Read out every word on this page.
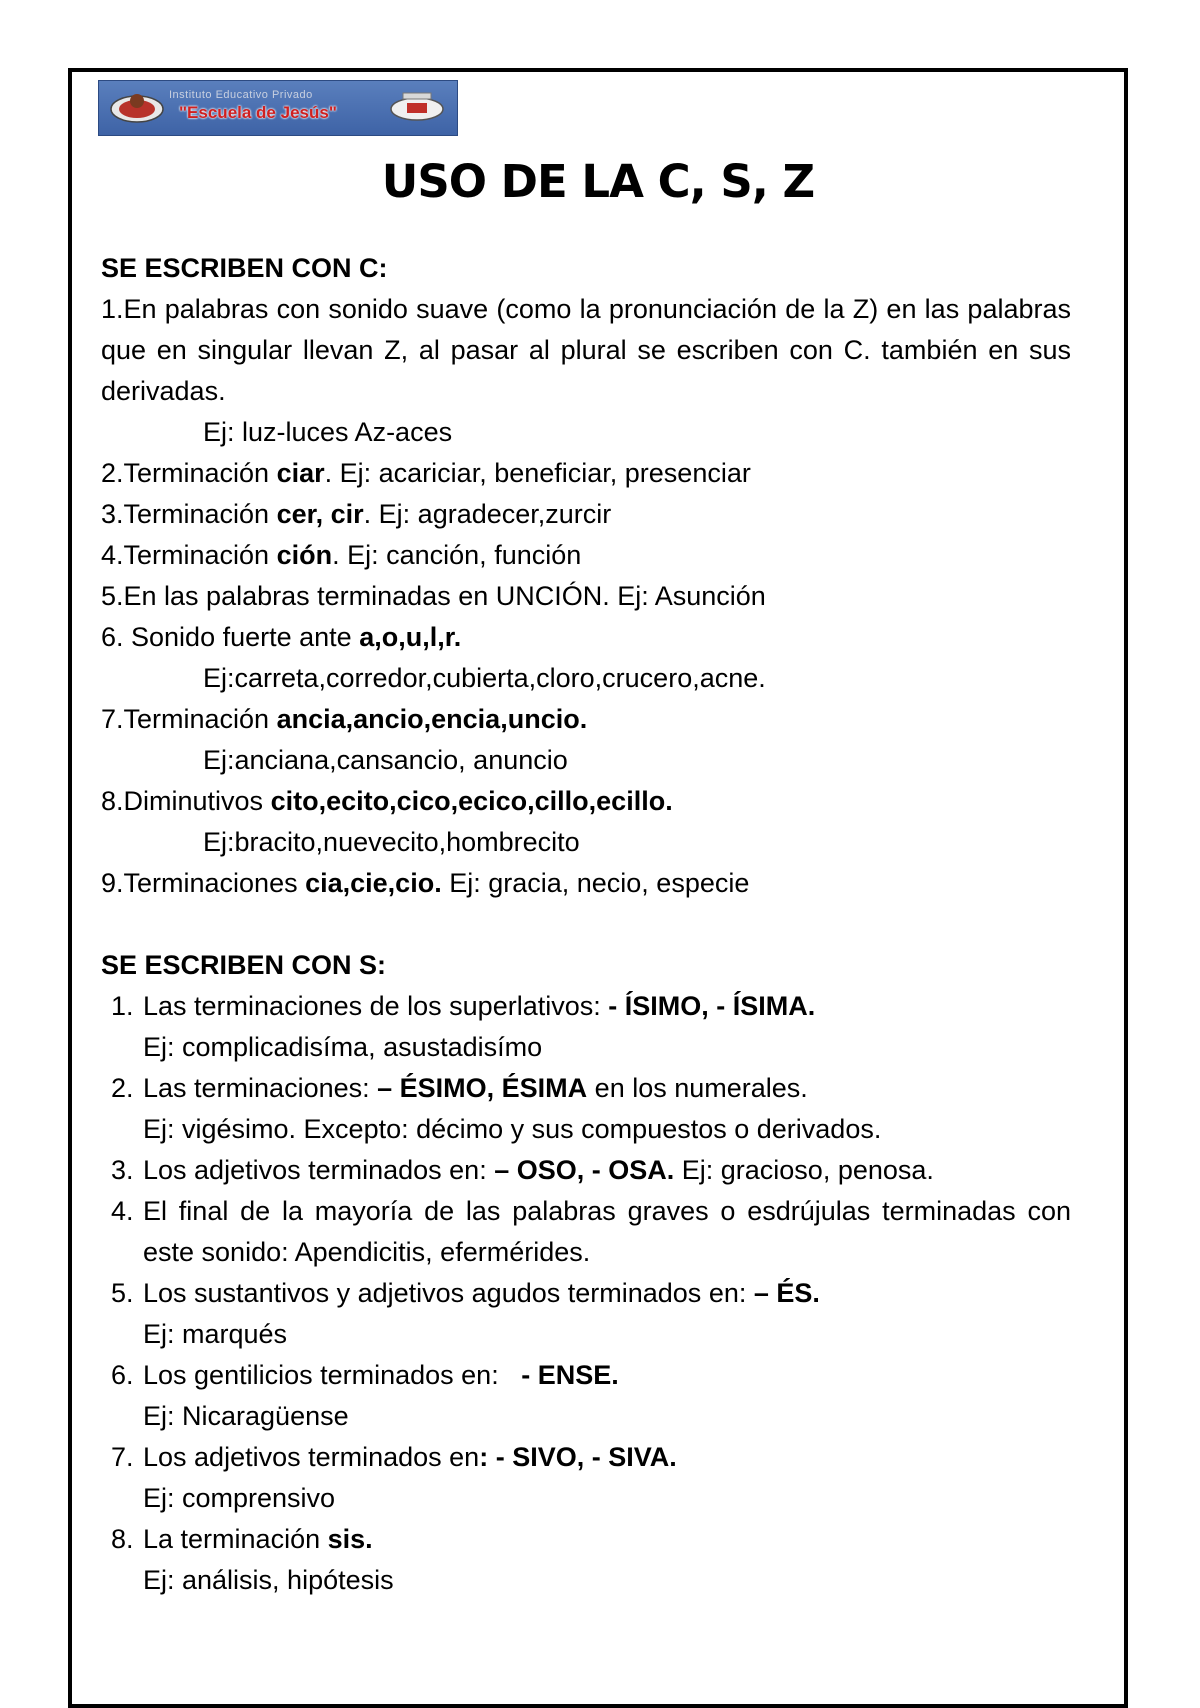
Instituto Educativo Privado
"Escuela de Jesús"
USO DE LA C, S, Z
SE ESCRIBEN CON C:
1.En palabras con sonido suave (como la pronunciación de la Z) en las palabras que en singular llevan Z, al pasar al plural se escriben con C. también en sus derivadas.
Ej: luz-luces Az-aces
2.Terminación ciar. Ej: acariciar, beneficiar, presenciar
3.Terminación cer, cir. Ej: agradecer,zurcir
4.Terminación ción. Ej: canción, función
5.En las palabras terminadas en UNCIÓN. Ej: Asunción
6. Sonido fuerte ante a,o,u,l,r.
Ej:carreta,corredor,cubierta,cloro,crucero,acne.
7.Terminación ancia,ancio,encia,uncio.
Ej:anciana,cansancio, anuncio
8.Diminutivos cito,ecito,cico,ecico,cillo,ecillo.
Ej:bracito,nuevecito,hombrecito
9.Terminaciones cia,cie,cio. Ej: gracia, necio, especie
SE ESCRIBEN CON S:
1. Las terminaciones de los superlativos: - ÍSIMO, - ÍSIMA.
Ej: complicadisíma, asustadisímo
2. Las terminaciones: – ÉSIMO, ÉSIMA en los numerales.
Ej: vigésimo. Excepto: décimo y sus compuestos o derivados.
3. Los adjetivos terminados en: – OSO, - OSA. Ej: gracioso, penosa.
4. El final de la mayoría de las palabras graves o esdrújulas terminadas con este sonido: Apendicitis, efermérides.
5. Los sustantivos y adjetivos agudos terminados en: – ÉS.
Ej: marqués
6. Los gentilicios terminados en:   - ENSE.
Ej: Nicaragüense
7. Los adjetivos terminados en: - SIVO, - SIVA.
Ej: comprensivo
8. La terminación sis.
Ej: análisis, hipótesis
